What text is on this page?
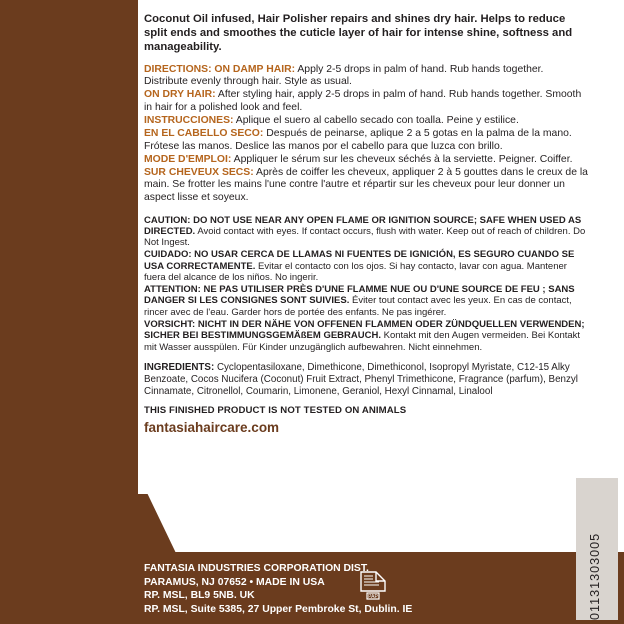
Coconut Oil infused, Hair Polisher repairs and shines dry hair. Helps to reduce split ends and smoothes the cuticle layer of hair for intense shine, softness and manageability.

DIRECTIONS: ON DAMP HAIR: Apply 2-5 drops in palm of hand. Rub hands together. Distribute evenly through hair. Style as usual.

ON DRY HAIR: After styling hair, apply 2-5 drops in palm of hand. Rub hands together. Smooth in hair for a polished look and feel.

INSTRUCCIONES: Aplique el suero al cabello secado con toalla. Peine y estilice.

EN EL CABELLO SECO: Después de peinarse, aplique 2 a 5 gotas en la palma de la mano. Frótese las manos. Deslice las manos por el cabello para que luzca con brillo.

MODE D'EMPLOI: Appliquer le sérum sur les cheveux séchés à la serviette. Peigner. Coiffer.

SUR CHEVEUX SECS: Après de coiffer les cheveux, appliquer 2 à 5 gouttes dans le creux de la main. Se frotter les mains l'une contre l'autre et répartir sur les cheveux pour leur donner un aspect lisse et soyeux.

CAUTION: DO NOT USE NEAR ANY OPEN FLAME OR IGNITION SOURCE; SAFE WHEN USED AS DIRECTED. Avoid contact with eyes. If contact occurs, flush with water. Keep out of reach of children. Do Not Ingest.

CUIDADO: NO USAR CERCA DE LLAMAS NI FUENTES DE IGNICIÓN, ES SEGURO CUANDO SE USA CORRECTAMENTE. Evitar el contacto con los ojos. Si hay contacto, lavar con agua. Mantener fuera del alcance de los niños. No ingerir.

ATTENTION: NE PAS UTILISER PRÈS D'UNE FLAMME NUE OU D'UNE SOURCE DE FEU ; SANS DANGER SI LES CONSIGNES SONT SUIVIES. Éviter tout contact avec les yeux. En cas de contact, rincer avec de l'eau. Garder hors de portée des enfants. Ne pas ingérer.

VORSICHT: NICHT IN DER NÄHE VON OFFENEN FLAMMEN ODER ZÜNDQUELLEN VERWENDEN; SICHER BEI BESTIMMUNGSGEMÄßEM GEBRAUCH. Kontakt mit den Augen vermeiden. Bei Kontakt mit Wasser ausspülen. Für Kinder unzugänglich aufbewahren. Nicht einnehmen.

INGREDIENTS: Cyclopentasiloxane, Dimethicone, Dimethiconol, Isopropyl Myristate, C12-15 Alky Benzoate, Cocos Nucifera (Coconut) Fruit Extract, Phenyl Trimethicone, Fragrance (parfum), Benzyl Cinnamate, Citronellol, Coumarin, Limonene, Geraniol, Hexyl Cinnamal, Linalool

THIS FINISHED PRODUCT IS NOT TESTED ON ANIMALS
fantasiahaircare.com
FANTASIA INDUSTRIES CORPORATION DIST.
PARAMUS, NJ 07652 • MADE IN USA
RP. MSL, BL9 5NB. UK
RP. MSL, Suite 5385, 27 Upper Pembroke St, Dublin. IE
PAP	01131303005
